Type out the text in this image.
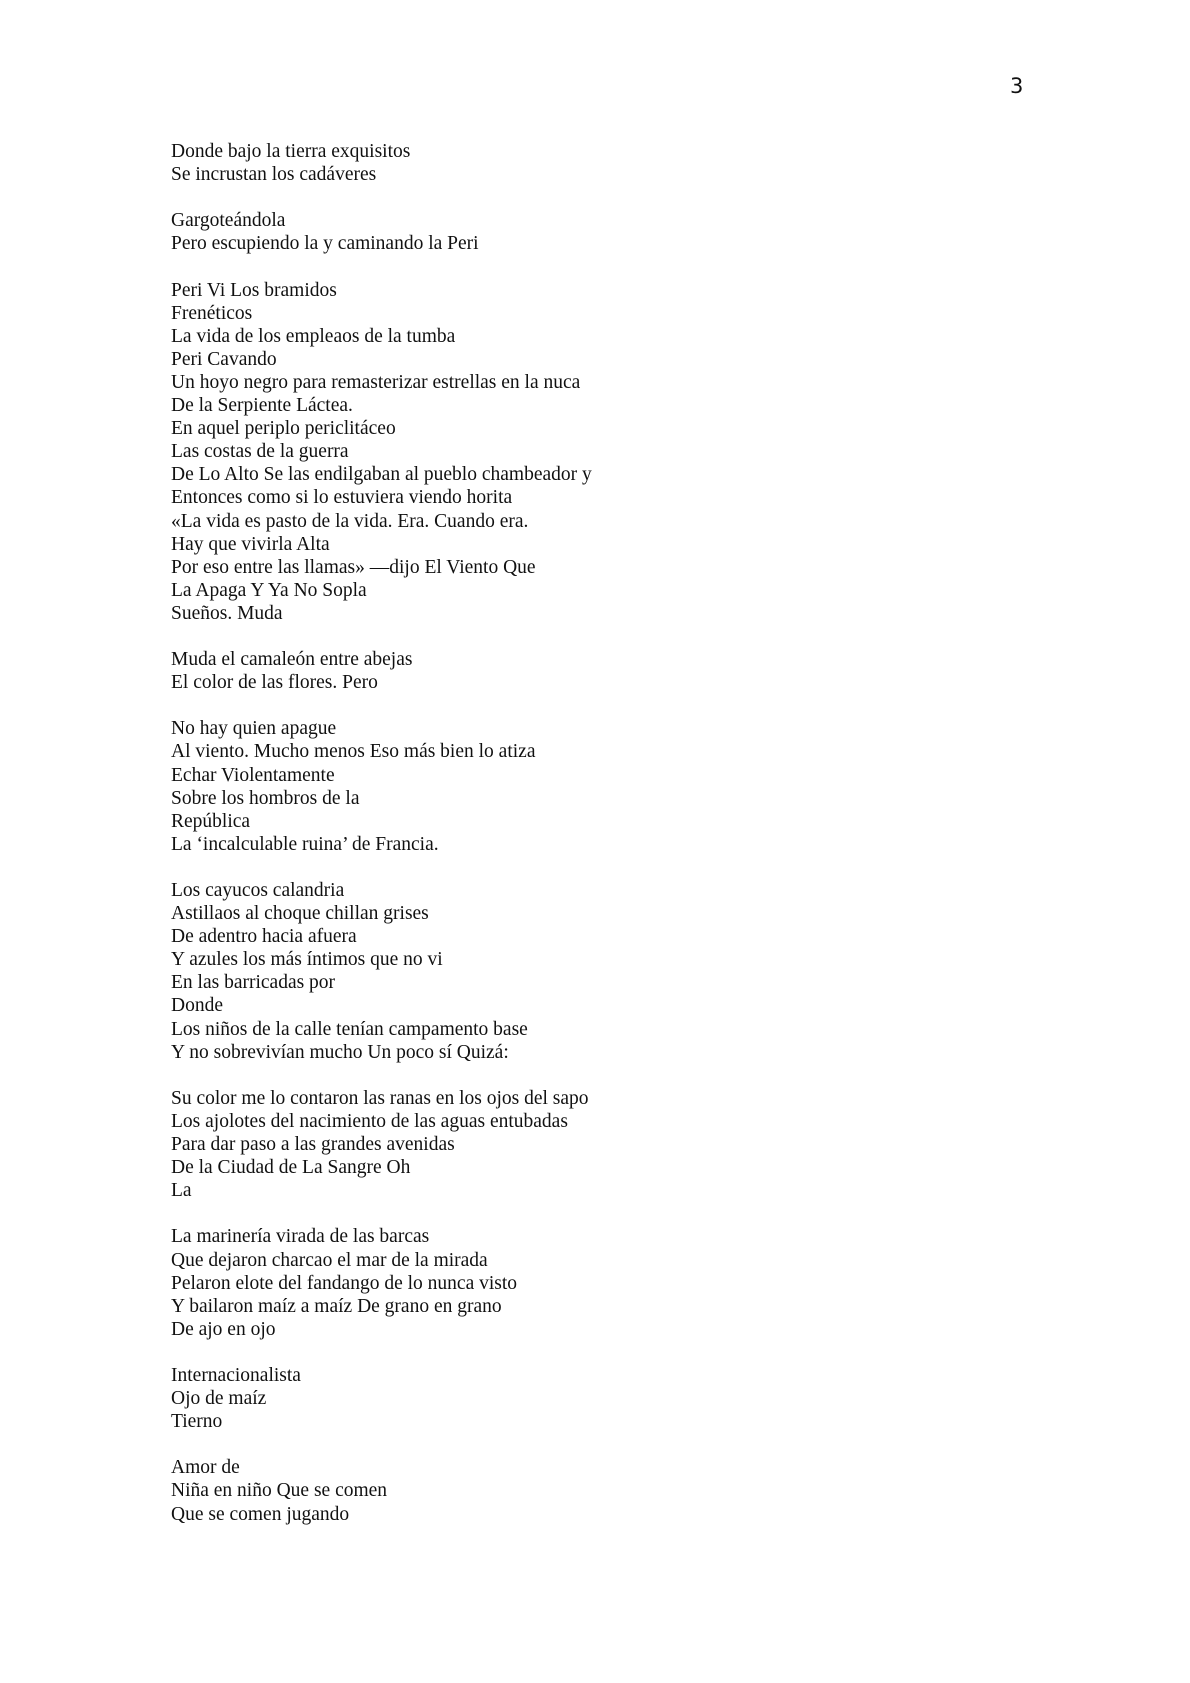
3
Donde bajo la tierra exquisitos
Se incrustan los cadáveres
Gargoteándola
Pero escupiendo la y caminando la Peri
Peri Vi Los bramidos
Frenéticos
La vida de los empleaos de la tumba
Peri Cavando
Un hoyo negro para remasterizar estrellas en la nuca
De la Serpiente Láctea.
En aquel periplo periclitáceo
Las costas de la guerra
De Lo Alto Se las endilgaban al pueblo chambeador y
Entonces como si lo estuviera viendo horita
«La vida es pasto de la vida. Era. Cuando era.
Hay que vivirla Alta
Por eso entre las llamas» —dijo El Viento Que
La Apaga Y Ya No Sopla
Sueños. Muda
Muda el camaleón entre abejas
El color de las flores. Pero
No hay quien apague
Al viento. Mucho menos Eso más bien lo atiza
Echar Violentamente
Sobre los hombros de la
República
La ‘incalculable ruina’ de Francia.
Los cayucos calandria
Astillaos al choque chillan grises
De adentro hacia afuera
Y azules los más íntimos que no vi
En las barricadas por
Donde
Los niños de la calle tenían campamento base
Y no sobrevivían mucho Un poco sí Quizá:
Su color me lo contaron las ranas en los ojos del sapo
Los ajolotes del nacimiento de las aguas entubadas
Para dar paso a las grandes avenidas
De la Ciudad de La Sangre Oh
La
La marinería virada de las barcas
Que dejaron charcao el mar de la mirada
Pelaron elote del fandango de lo nunca visto
Y bailaron maíz a maíz De grano en grano
De ajo en ojo
Internacionalista
Ojo de maíz
Tierno
Amor de
Niña en niño Que se comen
Que se comen jugando
